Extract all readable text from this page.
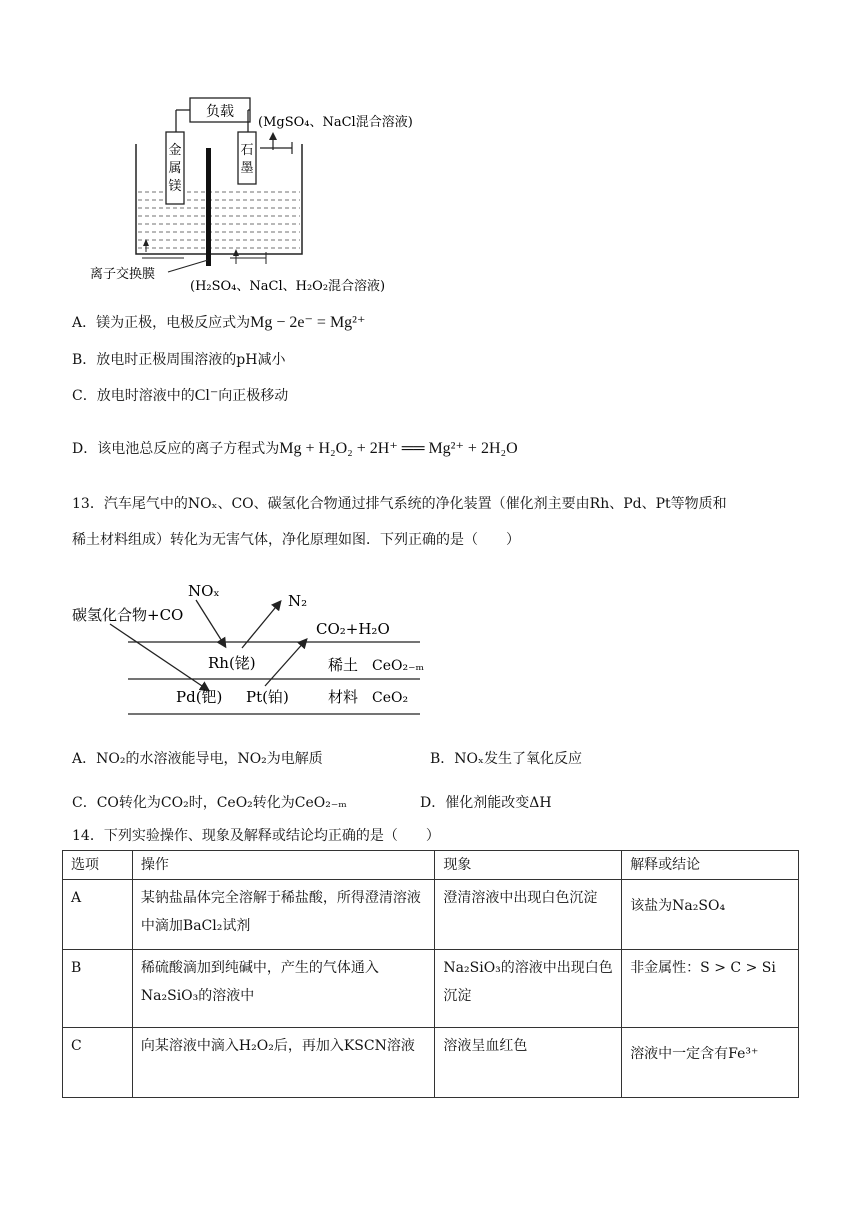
负载
金
属
镁
石
墨
(MgSO₄、NaCl混合溶液)
离子交换膜
(H₂SO₄、NaCl、H₂O₂混合溶液)
A．镁为正极，电极反应式为Mg − 2e⁻ = Mg²⁺
B．放电时正极周围溶液的pH减小
C．放电时溶液中的Cl⁻向正极移动
D．该电池总反应的离子方程式为Mg + H₂O₂ + 2H⁺ ══ Mg²⁺ + 2H₂O
13．汽车尾气中的NOₓ、CO、碳氢化合物通过排气系统的净化装置（催化剂主要由Rh、Pd、Pt等物质和
稀土材料组成）转化为无害气体，净化原理如图．下列正确的是（　　）
NOₓ
碳氢化合物+CO
N₂
CO₂+H₂O
Rh(铑)
Pd(钯) Pt(铂)
稀土
材料
CeO₂₋ₘ
CeO₂
A．NO₂的水溶液能导电，NO₂为电解质	B．NOₓ发生了氧化反应
C．CO转化为CO₂时，CeO₂转化为CeO₂₋ₘ	D．催化剂能改变ΔH
14．下列实验操作、现象及解释或结论均正确的是（　　）
选项	操作	现象	解释或结论
A	某钠盐晶体完全溶解于稀盐酸，所得澄清溶液中滴加BaCl₂试剂	澄清溶液中出现白色沉淀	该盐为Na₂SO₄
B	稀硫酸滴加到纯碱中，产生的气体通入Na₂SiO₃的溶液中	Na₂SiO₃的溶液中出现白色沉淀	非金属性：S > C > Si
C	向某溶液中滴入H₂O₂后，再加入KSCN溶液	溶液呈血红色	溶液中一定含有Fe³⁺
